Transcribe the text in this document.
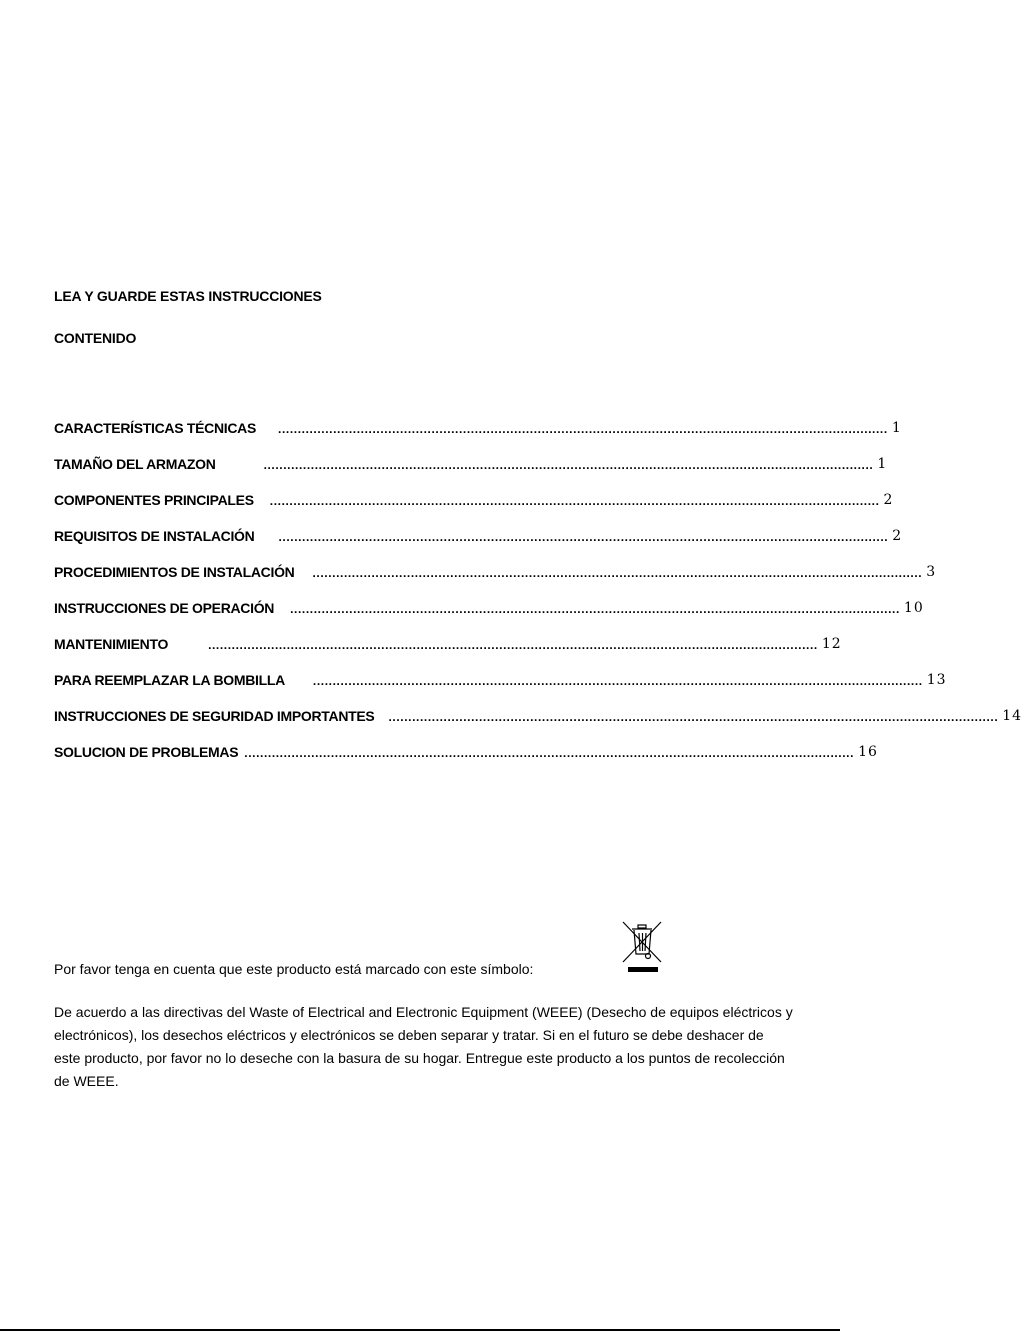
LEA Y GUARDE ESTAS INSTRUCCIONES
CONTENIDO
CARACTERÍSTICAS TÉCNICAS ........................................................................................................................................................... 1
TAMAÑO DEL ARMAZON	........................................................................................................................................................... 1
COMPONENTES PRINCIPALES ........................................................................................................................................................... 2
REQUISITOS DE INSTALACIÓN ........................................................................................................................................................... 2
PROCEDIMIENTOS DE INSTALACIÓN ........................................................................................................................................................... 3
INSTRUCCIONES DE OPERACIÓN ........................................................................................................................................................... 10
MANTENIMIENTO	........................................................................................................................................................... 12
PARA REEMPLAZAR LA BOMBILLA ........................................................................................................................................................... 13
INSTRUCCIONES DE SEGURIDAD IMPORTANTES ........................................................................................................................................................... 14
SOLUCION DE PROBLEMAS ........................................................................................................................................................... 16
Por favor tenga en cuenta que este producto está marcado con este símbolo:
De acuerdo a las directivas del Waste of Electrical and Electronic Equipment (WEEE) (Desecho de equipos eléctricos y electrónicos), los desechos eléctricos y electrónicos se deben separar y tratar. Si en el futuro se debe deshacer de este producto, por favor no lo deseche con la basura de su hogar. Entregue este producto a los puntos de recolección de WEEE.
